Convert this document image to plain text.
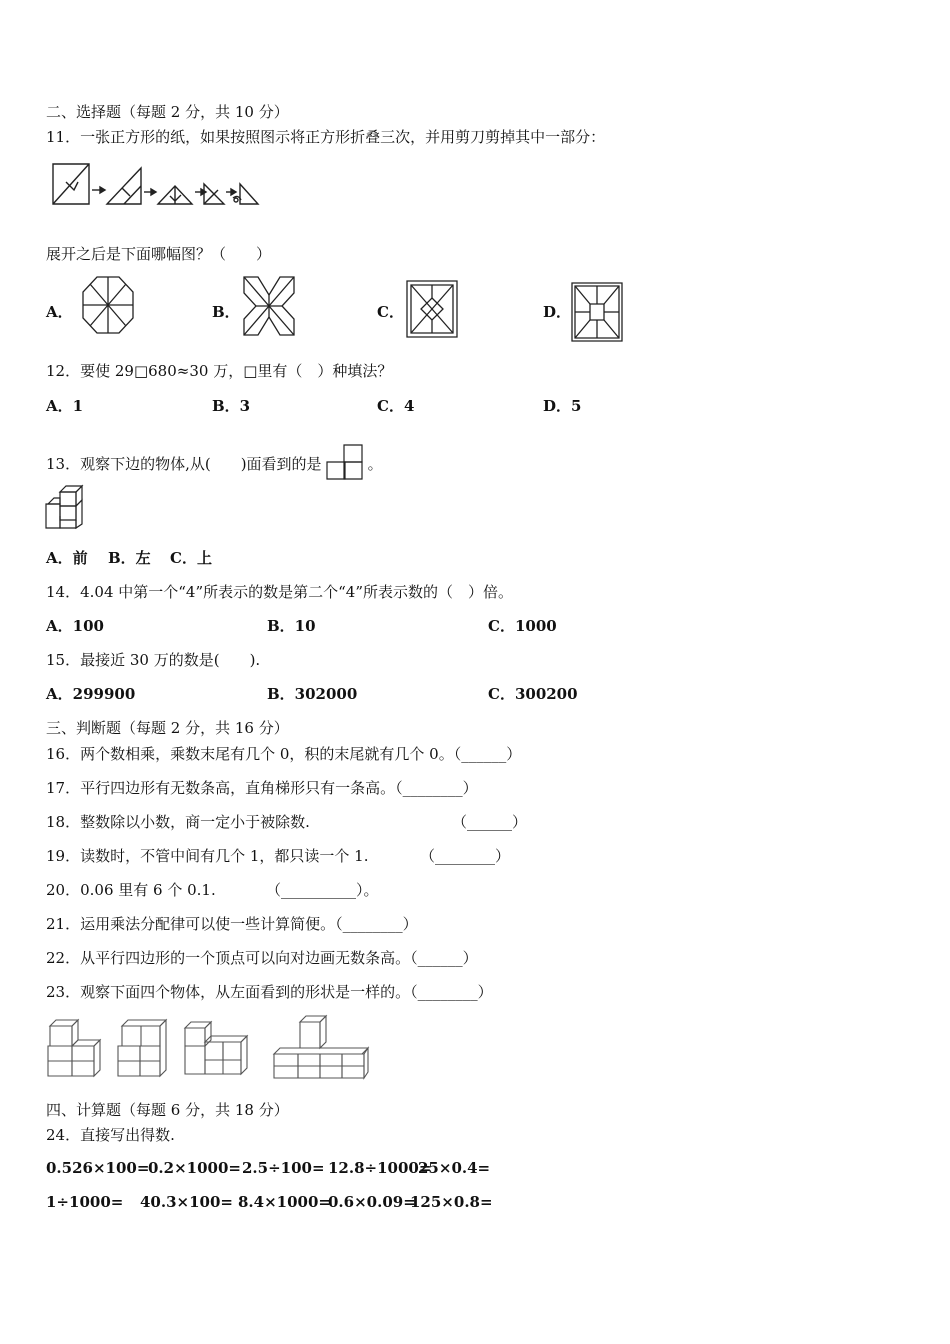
二、选择题（每题 2 分，共 10 分）
11．一张正方形的纸，如果按照图示将正方形折叠三次，并用剪刀剪掉其中一部分：
展开之后是下面哪幅图？（　　）
A．	B．	C．	D．
12．要使 29□680≈30 万，□里有（　）种填法？
A．1	B．3	C．4	D．5
13．观察下边的物体,从(　　)面看到的是	。
A．前 B．左 C．上
14．4.04 中第一个“4”所表示的数是第二个“4”所表示数的（　）倍。
A．100	B．10	C．1000
15．最接近 30 万的数是(　　).
A．299900	B．302000	C．300200
三、判断题（每题 2 分，共 16 分）
16．两个数相乘，乘数末尾有几个 0，积的末尾就有几个 0。（______）
17．平行四边形有无数条高，直角梯形只有一条高。（________）
18．整数除以小数，商一定小于被除数.	（______）
19．读数时，不管中间有几个 1，都只读一个 1.	（________）
20．0.06 里有 6 个 0.1.	（__________）。
21．运用乘法分配律可以使一些计算简便。（________）
22．从平行四边形的一个顶点可以向对边画无数条高。（______）
23．观察下面四个物体，从左面看到的形状是一样的。（________）
四、计算题（每题 6 分，共 18 分）
24．直接写出得数.
0.526×100=
0.2×1000= 2.5÷100= 12.8÷1000=
25×0.4=
1÷1000= 40.3×100= 8.4×1000=
0.6×0.09=
125×0.8=
